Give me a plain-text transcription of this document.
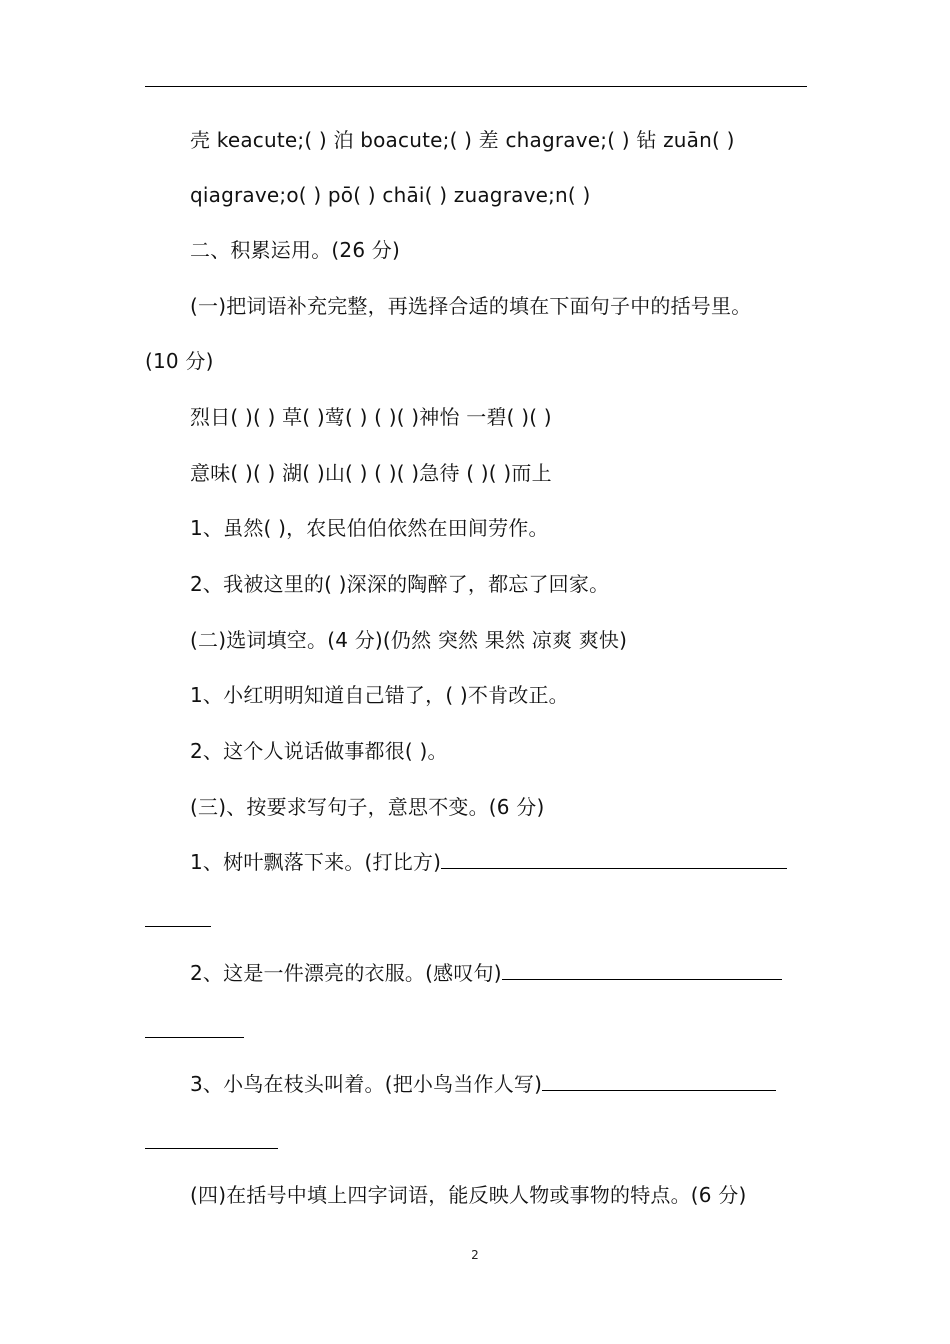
壳 keacute;( ) 泊 boacute;( ) 差 chagrave;( ) 钻 zuān( )
qiagrave;o( ) pō( ) chāi( ) zuagrave;n( )
二、积累运用。(26 分)
(一)把词语补充完整，再选择合适的填在下面句子中的括号里。
(10 分)
烈日( )( ) 草( )莺( ) ( )( )神怡 一碧( )( )
意味( )( ) 湖( )山( ) ( )( )急待 ( )( )而上
1、虽然( )，农民伯伯依然在田间劳作。
2、我被这里的( )深深的陶醉了，都忘了回家。
(二)选词填空。(4 分)(仍然 突然 果然 凉爽 爽快)
1、小红明明知道自己错了，( )不肯改正。
2、这个人说话做事都很( )。
(三)、按要求写句子，意思不变。(6 分)
1、树叶飘落下来。(打比方)
2、这是一件漂亮的衣服。(感叹句)
3、小鸟在枝头叫着。(把小鸟当作人写)
(四)在括号中填上四字词语，能反映人物或事物的特点。(6 分)
2
